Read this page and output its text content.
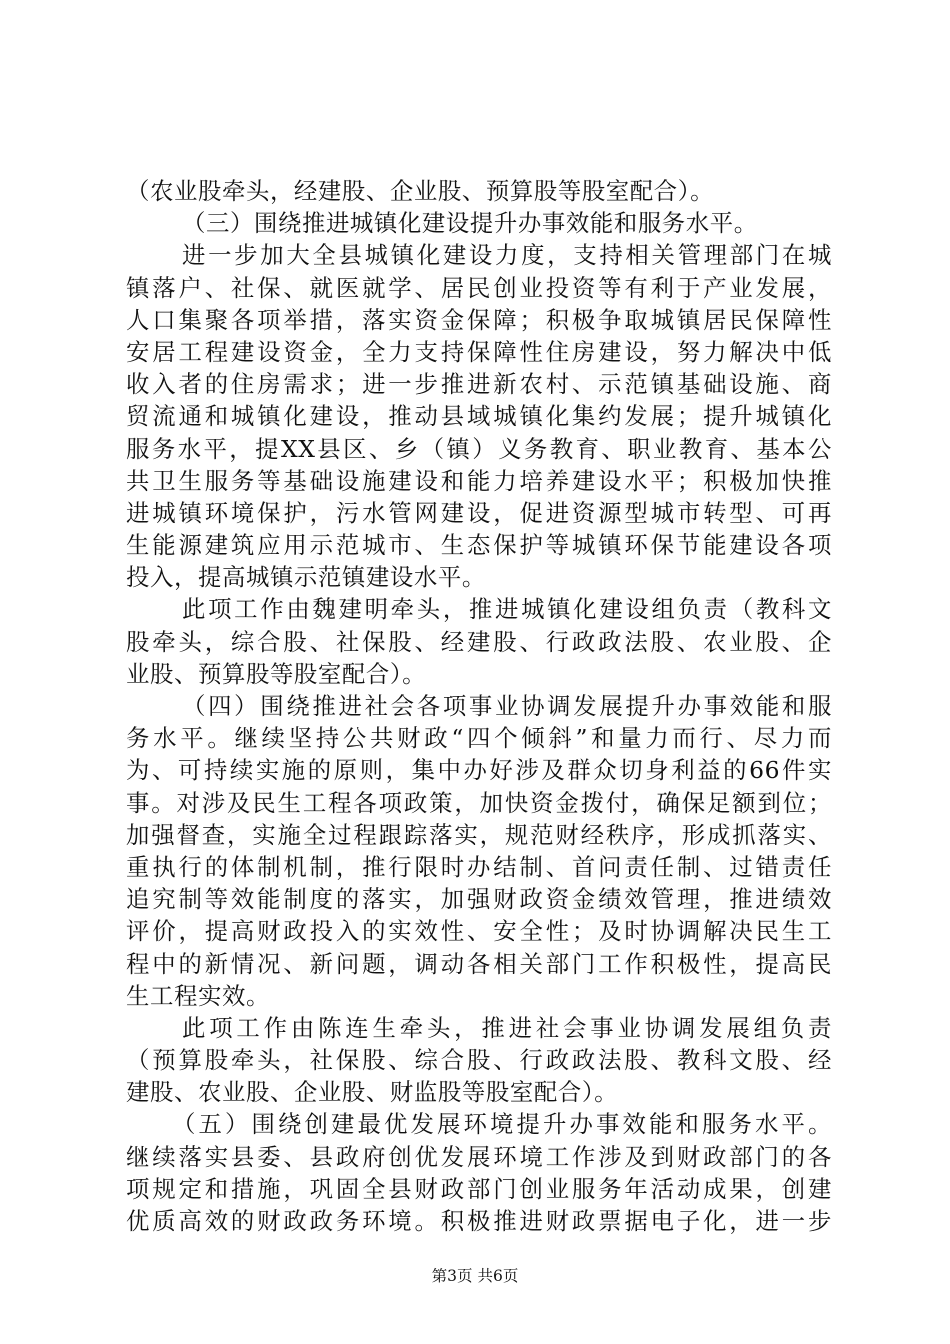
（农业股牵头，经建股、企业股、预算股等股室配合）。
（三）围绕推进城镇化建设提升办事效能和服务水平。
进一步加大全县城镇化建设力度，支持相关管理部门在城
镇落户、社保、就医就学、居民创业投资等有利于产业发展，
人口集聚各项举措，落实资金保障；积极争取城镇居民保障性
安居工程建设资金，全力支持保障性住房建设，努力解决中低
收入者的住房需求；进一步推进新农村、示范镇基础设施、商
贸流通和城镇化建设，推动县域城镇化集约发展；提升城镇化
服务水平，提XX县区、乡（镇）义务教育、职业教育、基本公
共卫生服务等基础设施建设和能力培养建设水平；积极加快推
进城镇环境保护，污水管网建设，促进资源型城市转型、可再
生能源建筑应用示范城市、生态保护等城镇环保节能建设各项
投入，提高城镇示范镇建设水平。
此项工作由魏建明牵头，推进城镇化建设组负责（教科文
股牵头，综合股、社保股、经建股、行政政法股、农业股、企
业股、预算股等股室配合）。
（四）围绕推进社会各项事业协调发展提升办事效能和服
务水平。继续坚持公共财政“四个倾斜”和量力而行、尽力而
为、可持续实施的原则，集中办好涉及群众切身利益的66件实
事。对涉及民生工程各项政策，加快资金拨付，确保足额到位；
加强督查，实施全过程跟踪落实，规范财经秩序，形成抓落实、
重执行的体制机制，推行限时办结制、首问责任制、过错责任
追究制等效能制度的落实，加强财政资金绩效管理，推进绩效
评价，提高财政投入的实效性、安全性；及时协调解决民生工
程中的新情况、新问题，调动各相关部门工作积极性，提高民
生工程实效。
此项工作由陈连生牵头，推进社会事业协调发展组负责
（预算股牵头，社保股、综合股、行政政法股、教科文股、经
建股、农业股、企业股、财监股等股室配合）。
（五）围绕创建最优发展环境提升办事效能和服务水平。
继续落实县委、县政府创优发展环境工作涉及到财政部门的各
项规定和措施，巩固全县财政部门创业服务年活动成果，创建
优质高效的财政政务环境。积极推进财政票据电子化，进一步
第3页 共6页
